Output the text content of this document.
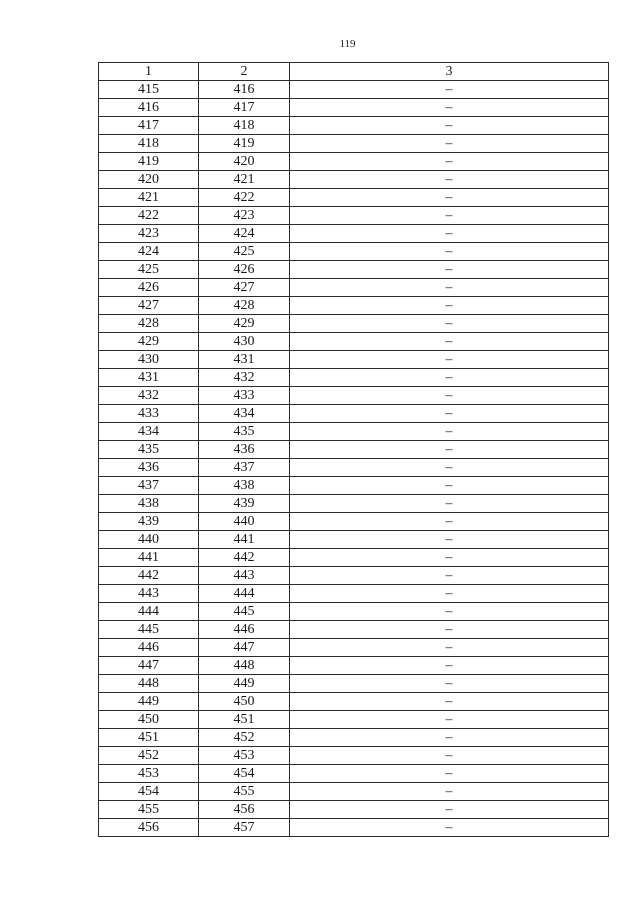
119
1	2	3
415	416	–
416	417	–
417	418	–
418	419	–
419	420	–
420	421	–
421	422	–
422	423	–
423	424	–
424	425	–
425	426	–
426	427	–
427	428	–
428	429	–
429	430	–
430	431	–
431	432	–
432	433	–
433	434	–
434	435	–
435	436	–
436	437	–
437	438	–
438	439	–
439	440	–
440	441	–
441	442	–
442	443	–
443	444	–
444	445	–
445	446	–
446	447	–
447	448	–
448	449	–
449	450	–
450	451	–
451	452	–
452	453	–
453	454	–
454	455	–
455	456	–
456	457	–
